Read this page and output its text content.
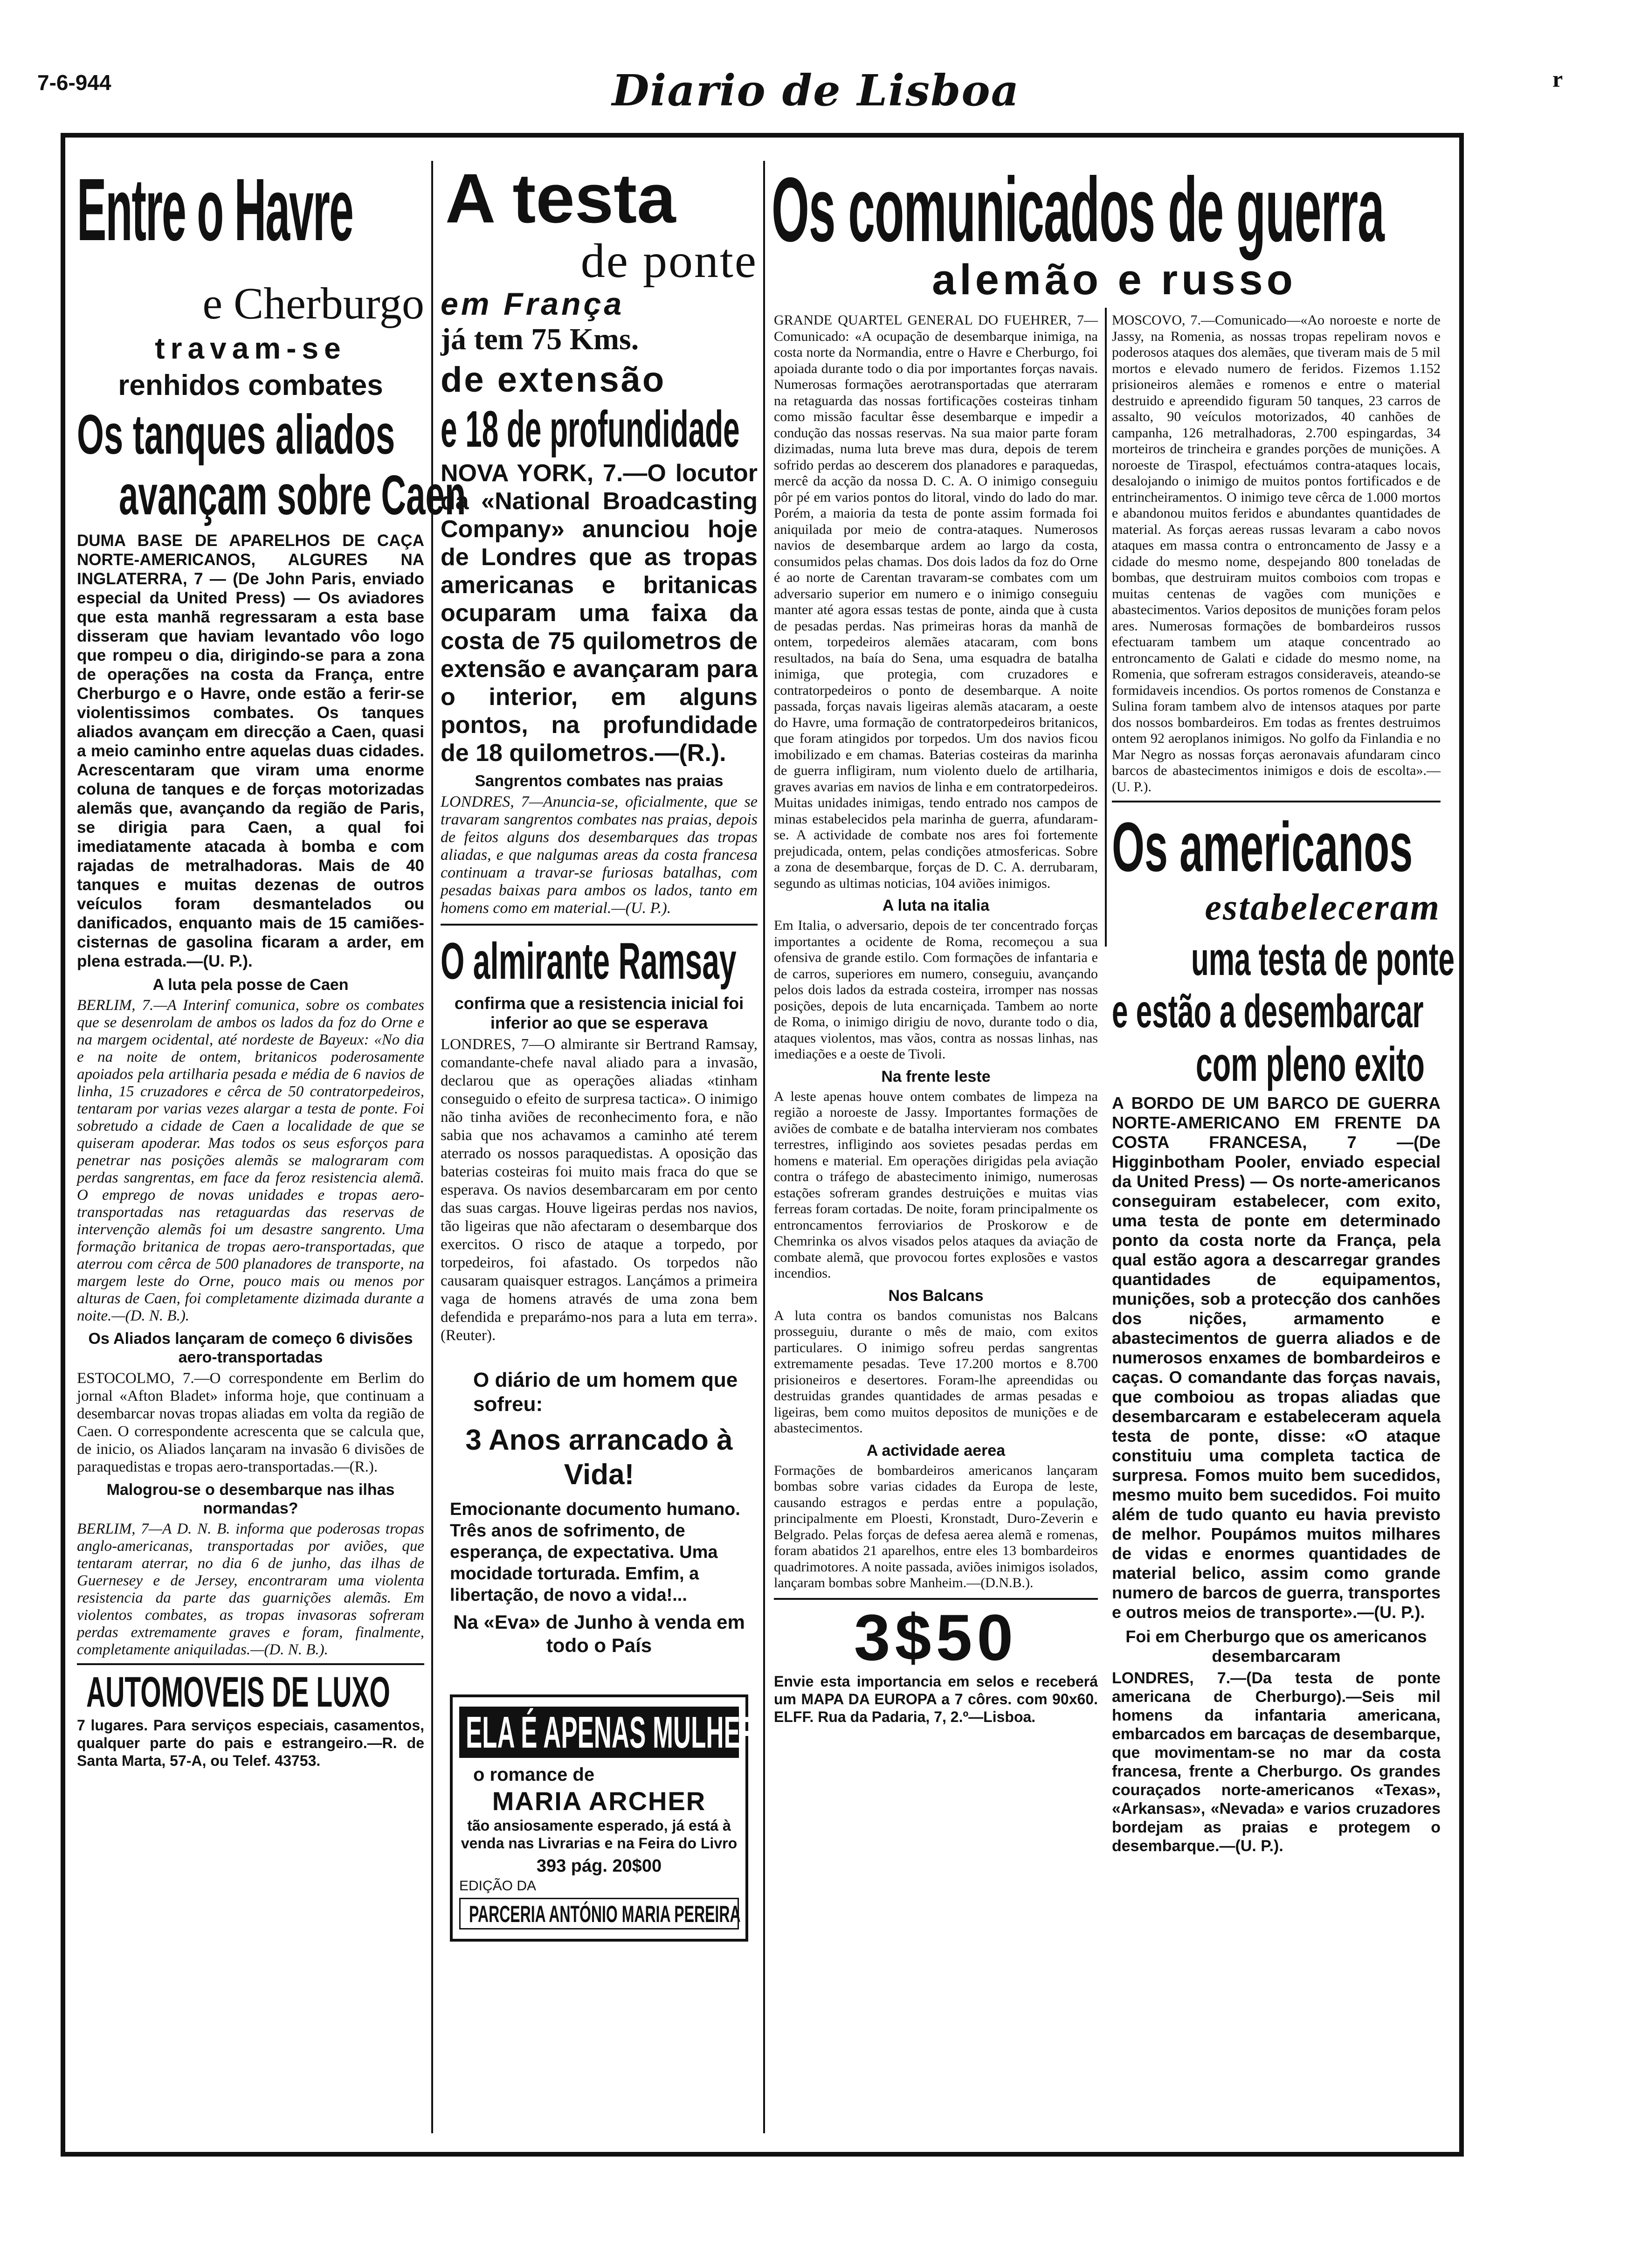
7-6-944	Diario de Lisboa	r
Entre o Havre
e Cherburgo
travam-se
renhidos combates
Os tanques aliados
avançam sobre Caen

DUMA BASE DE APARELHOS DE CAÇA NORTE-AMERICANOS, ALGURES NA INGLATERRA, 7 — (De John Paris, enviado especial da United Press) — Os aviadores que esta manhã regressaram a esta base disseram que haviam levantado vôo logo que rompeu o dia, dirigindo-se para a zona de operações na costa da França, entre Cherburgo e o Havre, onde estão a ferir-se violentissimos combates. Os tanques aliados avançam em direcção a Caen, quasi a meio caminho entre aquelas duas cidades. Acrescentaram que viram uma enorme coluna de tanques e de forças motorizadas alemãs que, avançando da região de Paris, se dirigia para Caen, a qual foi imediatamente atacada à bomba e com rajadas de metralhadoras. Mais de 40 tanques e muitas dezenas de outros veículos foram desmantelados ou danificados, enquanto mais de 15 camiões-cisternas de gasolina ficaram a arder, em plena estrada.—(U. P.).

A luta pela posse de Caen

BERLIM, 7.—A Interinf comunica, sobre os combates que se desenrolam de ambos os lados da foz do Orne e na margem ocidental, até nordeste de Bayeux: «No dia e na noite de ontem, britanicos poderosamente apoiados pela artilharia pesada e média de 6 navios de linha, 15 cruzadores e cêrca de 50 contratorpedeiros, tentaram por varias vezes alargar a testa de ponte. Foi sobretudo a cidade de Caen a localidade de que se quiseram apoderar. Mas todos os seus esforços para penetrar nas posições alemãs se malograram com perdas sangrentas, em face da feroz resistencia alemã. O emprego de novas unidades e tropas aero-transportadas nas retaguardas das reservas de intervenção alemãs foi um desastre sangrento. Uma formação britanica de tropas aero-transportadas, que aterrou com cêrca de 500 planadores de transporte, na margem leste do Orne, pouco mais ou menos por alturas de Caen, foi completamente dizimada durante a noite.—(D. N. B.).

Os Aliados lançaram de começo 6 divisões aero-transportadas

ESTOCOLMO, 7.—O correspondente em Berlim do jornal «Afton Bladet» informa hoje, que continuam a desembarcar novas tropas aliadas em volta da região de Caen. O correspondente acrescenta que se calcula que, de inicio, os Aliados lançaram na invasão 6 divisões de paraquedistas e tropas aero-transportadas.—(R.).

Malogrou-se o desembarque nas ilhas normandas?

BERLIM, 7—A D. N. B. informa que poderosas tropas anglo-americanas, transportadas por aviões, que tentaram aterrar, no dia 6 de junho, das ilhas de Guernesey e de Jersey, encontraram uma violenta resistencia da parte das guarnições alemãs. Em violentos combates, as tropas invasoras sofreram perdas extremamente graves e foram, finalmente, completamente aniquiladas.—(D. N. B.).

AUTOMOVEIS DE LUXO

7 lugares. Para serviços especiais, casamentos, qualquer parte do pais e estrangeiro.—R. de Santa Marta, 57-A, ou Telef. 43753.

A testa
de ponte
em França
já tem 75 Kms.
de extensão
e 18 de profundidade

NOVA YORK, 7.—O locutor da «National Broadcasting Company» anunciou hoje de Londres que as tropas americanas e britanicas ocuparam uma faixa da costa de 75 quilometros de extensão e avançaram para o interior, em alguns pontos, na profundidade de 18 quilometros.—(R.).

Sangrentos combates nas praias

LONDRES, 7—Anuncia-se, oficialmente, que se travaram sangrentos combates nas praias, depois de feitos alguns dos desembarques das tropas aliadas, e que nalgumas areas da costa francesa continuam a travar-se furiosas batalhas, com pesadas baixas para ambos os lados, tanto em homens como em material.—(U. P.).

O almirante Ramsay
confirma que a resistencia inicial foi inferior ao que se esperava

LONDRES, 7—O almirante sir Bertrand Ramsay, comandante-chefe naval aliado para a invasão, declarou que as operações aliadas «tinham conseguido o efeito de surpresa tactica». O inimigo não tinha aviões de reconhecimento fora, e não sabia que nos achavamos a caminho até terem aterrado os nossos paraquedistas. A oposição das baterias costeiras foi muito mais fraca do que se esperava. Os navios desembarcaram em por cento das suas cargas. Houve ligeiras perdas nos navios, tão ligeiras que não afectaram o desembarque dos exercitos. O risco de ataque a torpedo, por torpedeiros, foi afastado. Os torpedos não causaram quaisquer estragos. Lançámos a primeira vaga de homens através de uma zona bem defendida e preparámo-nos para a luta em terra». (Reuter).

O diário de um homem que sofreu:
3 Anos arrancado à Vida!
Emocionante documento humano. Três anos de sofrimento, de esperança, de expectativa. Uma mocidade torturada. Emfim, a libertação, de novo a vida!...
Na «Eva» de Junho à venda em todo o País
ELA É APENAS MULHER
o romance de
MARIA ARCHER
tão ansiosamente esperado, já está à venda nas Livrarias e na Feira do Livro
393 pág. 20$00
EDIÇÃO DA
PARCERIA ANTÓNIO MARIA PEREIRA
Os comunicados de guerra
alemão e russo

GRANDE QUARTEL GENERAL DO FUEHRER, 7—Comunicado: «A ocupação de desembarque inimiga, na costa norte da Normandia, entre o Havre e Cherburgo, foi apoiada durante todo o dia por importantes forças navais. Numerosas formações aerotransportadas que aterraram na retaguarda das nossas fortificações costeiras tinham como missão facultar êsse desembarque e impedir a condução das nossas reservas. Na sua maior parte foram dizimadas, numa luta breve mas dura, depois de terem sofrido perdas ao descerem dos planadores e paraquedas, mercê da acção da nossa D. C. A. O inimigo conseguiu pôr pé em varios pontos do litoral, vindo do lado do mar. Porém, a maioria da testa de ponte assim formada foi aniquilada por meio de contra-ataques. Numerosos navios de desembarque ardem ao largo da costa, consumidos pelas chamas. Dos dois lados da foz do Orne é ao norte de Carentan travaram-se combates com um adversario superior em numero e o inimigo conseguiu manter até agora essas testas de ponte, ainda que à custa de pesadas perdas. Nas primeiras horas da manhã de ontem, torpedeiros alemães atacaram, com bons resultados, na baía do Sena, uma esquadra de batalha inimiga, que protegia, com cruzadores e contratorpedeiros o ponto de desembarque. A noite passada, forças navais ligeiras alemãs atacaram, a oeste do Havre, uma formação de contratorpedeiros britanicos, que foram atingidos por torpedos. Um dos navios ficou imobilizado e em chamas. Baterias costeiras da marinha de guerra infligiram, num violento duelo de artilharia, graves avarias em navios de linha e em contratorpedeiros. Muitas unidades inimigas, tendo entrado nos campos de minas estabelecidos pela marinha de guerra, afundaram-se. A actividade de combate nos ares foi fortemente prejudicada, ontem, pelas condições atmosfericas. Sobre a zona de desembarque, forças de D. C. A. derrubaram, segundo as ultimas noticias, 104 aviões inimigos.

A luta na italia

Em Italia, o adversario, depois de ter concentrado forças importantes a ocidente de Roma, recomeçou a sua ofensiva de grande estilo. Com formações de infantaria e de carros, superiores em numero, conseguiu, avançando pelos dois lados da estrada costeira, irromper nas nossas posições, depois de luta encarniçada. Tambem ao norte de Roma, o inimigo dirigiu de novo, durante todo o dia, ataques violentos, mas vãos, contra as nossas linhas, nas imediações e a oeste de Tivoli.

Na frente leste

A leste apenas houve ontem combates de limpeza na região a noroeste de Jassy. Importantes formações de aviões de combate e de batalha intervieram nos combates terrestres, infligindo aos sovietes pesadas perdas em homens e material. Em operações dirigidas pela aviação contra o tráfego de abastecimento inimigo, numerosas estações sofreram grandes destruições e muitas vias ferreas foram cortadas. De noite, foram principalmente os entroncamentos ferroviarios de Proskorow e de Chemrinka os alvos visados pelos ataques da aviação de combate alemã, que provocou fortes explosões e vastos incendios.

Nos Balcans

A luta contra os bandos comunistas nos Balcans prosseguiu, durante o mês de maio, com exitos particulares. O inimigo sofreu perdas sangrentas extremamente pesadas. Teve 17.200 mortos e 8.700 prisioneiros e desertores. Foram-lhe apreendidas ou destruidas grandes quantidades de armas pesadas e ligeiras, bem como muitos depositos de munições e de abastecimentos.

A actividade aerea

Formações de bombardeiros americanos lançaram bombas sobre varias cidades da Europa de leste, causando estragos e perdas entre a população, principalmente em Ploesti, Kronstadt, Duro-Zeverin e Belgrado. Pelas forças de defesa aerea alemã e romenas, foram abatidos 21 aparelhos, entre eles 13 bombardeiros quadrimotores. A noite passada, aviões inimigos isolados, lançaram bombas sobre Manheim.—(D.N.B.).

3$50

Envie esta importancia em selos e receberá um MAPA DA EUROPA a 7 côres. com 90x60. ELFF. Rua da Padaria, 7, 2.º—Lisboa.

MOSCOVO, 7.—Comunicado—«Ao noroeste e norte de Jassy, na Romenia, as nossas tropas repeliram novos e poderosos ataques dos alemães, que tiveram mais de 5 mil mortos e elevado numero de feridos. Fizemos 1.152 prisioneiros alemães e romenos e entre o material destruido e apreendido figuram 50 tanques, 23 carros de assalto, 90 veículos motorizados, 40 canhões de campanha, 126 metralhadoras, 2.700 espingardas, 34 morteiros de trincheira e grandes porções de munições. A noroeste de Tiraspol, efectuámos contra-ataques locais, desalojando o inimigo de muitos pontos fortificados e de entrincheiramentos. O inimigo teve cêrca de 1.000 mortos e abandonou muitos feridos e abundantes quantidades de material. As forças aereas russas levaram a cabo novos ataques em massa contra o entroncamento de Jassy e a cidade do mesmo nome, despejando 800 toneladas de bombas, que destruiram muitos comboios com tropas e muitas centenas de vagões com munições e abastecimentos. Varios depositos de munições foram pelos ares. Numerosas formações de bombardeiros russos efectuaram tambem um ataque concentrado ao entroncamento de Galati e cidade do mesmo nome, na Romenia, que sofreram estragos consideraveis, ateando-se formidaveis incendios. Os portos romenos de Constanza e Sulina foram tambem alvo de intensos ataques por parte dos nossos bombardeiros. Em todas as frentes destruimos ontem 92 aeroplanos inimigos. No golfo da Finlandia e no Mar Negro as nossas forças aeronavais afundaram cinco barcos de abastecimentos inimigos e dois de escolta».—(U. P.).

Os americanos
estabeleceram
uma testa de ponte
e estão a desembarcar
com pleno exito

A BORDO DE UM BARCO DE GUERRA NORTE-AMERICANO EM FRENTE DA COSTA FRANCESA, 7 —(De Higginbotham Pooler, enviado especial da United Press) — Os norte-americanos conseguiram estabelecer, com exito, uma testa de ponte em determinado ponto da costa norte da França, pela qual estão agora a descarregar grandes quantidades de equipamentos, munições, sob a protecção dos canhões dos nições, armamento e abastecimentos de guerra aliados e de numerosos enxames de bombardeiros e caças. O comandante das forças navais, que comboiou as tropas aliadas que desembarcaram e estabeleceram aquela testa de ponte, disse: «O ataque constituiu uma completa tactica de surpresa. Fomos muito bem sucedidos, mesmo muito bem sucedidos. Foi muito além de tudo quanto eu havia previsto de melhor. Poupámos muitos milhares de vidas e enormes quantidades de material belico, assim como grande numero de barcos de guerra, transportes e outros meios de transporte».—(U. P.).

Foi em Cherburgo que os americanos desembarcaram

LONDRES, 7.—(Da testa de ponte americana de Cherburgo).—Seis mil homens da infantaria americana, embarcados em barcaças de desembarque, que movimentam-se no mar da costa francesa, frente a Cherburgo. Os grandes couraçados norte-americanos «Texas», «Arkansas», «Nevada» e varios cruzadores bordejam as praias e protegem o desembarque.—(U. P.).
